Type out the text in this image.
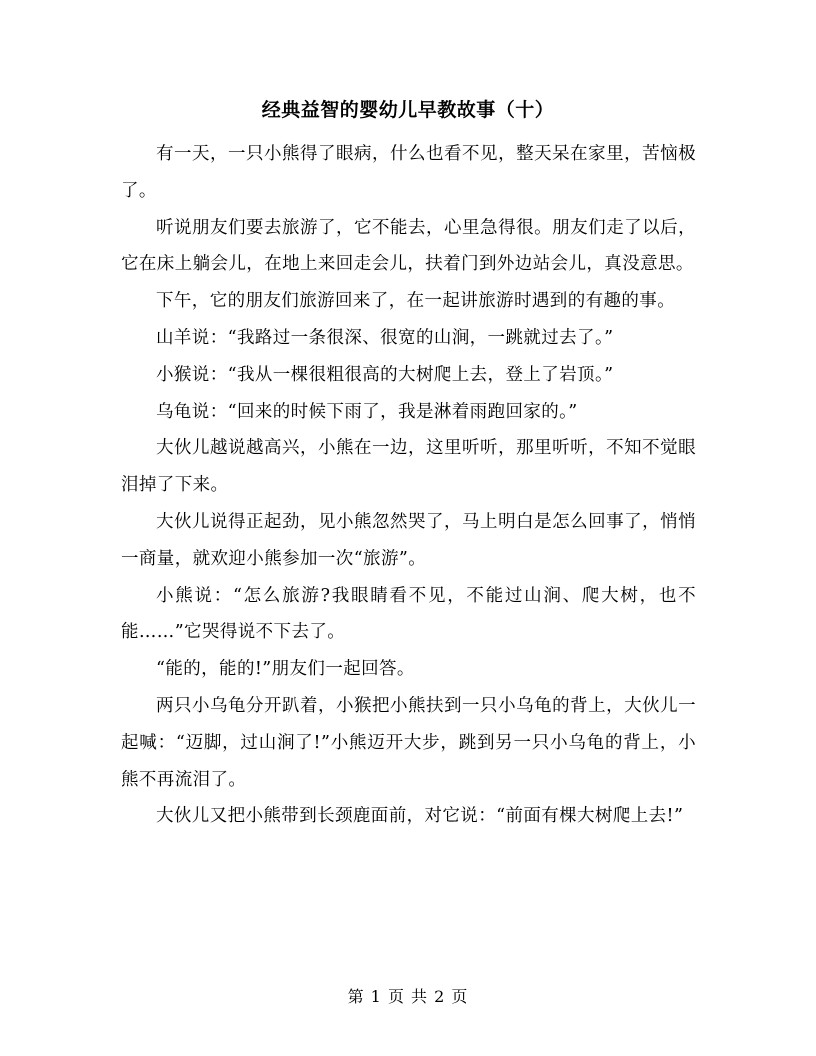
经典益智的婴幼儿早教故事（十）

有一天，一只小熊得了眼病，什么也看不见，整天呆在家里，苦恼极了。

听说朋友们要去旅游了，它不能去，心里急得很。朋友们走了以后，它在床上躺会儿，在地上来回走会儿，扶着门到外边站会儿，真没意思。

下午，它的朋友们旅游回来了，在一起讲旅游时遇到的有趣的事。

山羊说：“我路过一条很深、很宽的山涧，一跳就过去了。”

小猴说：“我从一棵很粗很高的大树爬上去，登上了岩顶。”

乌龟说：“回来的时候下雨了，我是淋着雨跑回家的。”

大伙儿越说越高兴，小熊在一边，这里听听，那里听听，不知不觉眼泪掉了下来。

大伙儿说得正起劲，见小熊忽然哭了，马上明白是怎么回事了，悄悄一商量，就欢迎小熊参加一次“旅游”。

小熊说：“怎么旅游?我眼睛看不见，不能过山涧、爬大树，也不能……”它哭得说不下去了。

“能的，能的!”朋友们一起回答。

两只小乌龟分开趴着，小猴把小熊扶到一只小乌龟的背上，大伙儿一起喊：“迈脚，过山涧了!”小熊迈开大步，跳到另一只小乌龟的背上，小熊不再流泪了。

大伙儿又把小熊带到长颈鹿面前，对它说：“前面有棵大树爬上去!”

第 1 页 共 2 页
